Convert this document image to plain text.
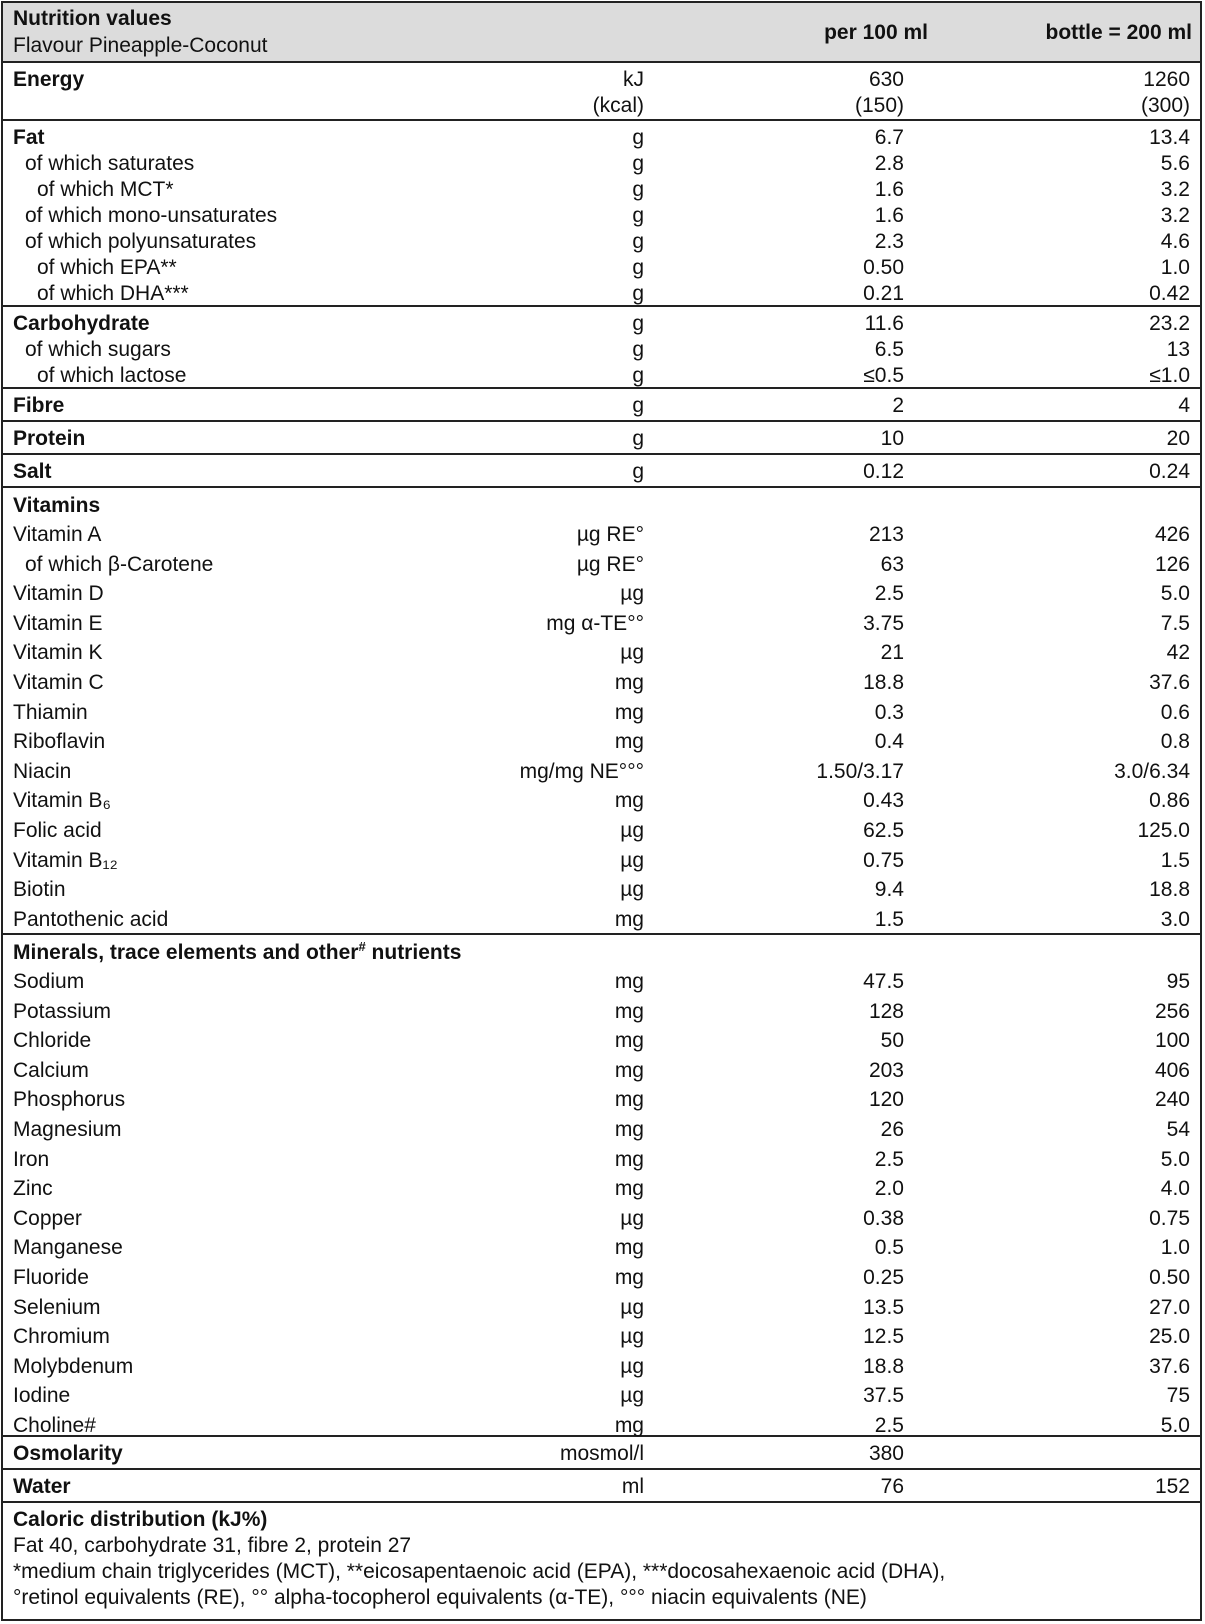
Nutrition values
Flavour Pineapple-Coconut
per 100 ml	bottle = 200 ml
Energy	kJ	630	1260
(kcal)	(150)	(300)
Fat	g	6.7	13.4
of which saturates	g	2.8	5.6
of which MCT*	g	1.6	3.2
of which mono-unsaturates	g	1.6	3.2
of which polyunsaturates	g	2.3	4.6
of which EPA**	g	0.50	1.0
of which DHA***	g	0.21	0.42
Carbohydrate	g	11.6	23.2
of which sugars	g	6.5	13
of which lactose	g	≤0.5	≤1.0
Fibre	g	2	4
Protein	g	10	20
Salt	g	0.12	0.24
Vitamins
Vitamin A	µg RE°	213	426
of which β-Carotene	µg RE°	63	126
Vitamin D	µg	2.5	5.0
Vitamin E	mg α-TE°°	3.75	7.5
Vitamin K	µg	21	42
Vitamin C	mg	18.8	37.6
Thiamin	mg	0.3	0.6
Riboflavin	mg	0.4	0.8
Niacin	mg/mg NE°°°	1.50/3.17	3.0/6.34
Vitamin B₆	mg	0.43	0.86
Folic acid	µg	62.5	125.0
Vitamin B₁₂	µg	0.75	1.5
Biotin	µg	9.4	18.8
Pantothenic acid	mg	1.5	3.0
Minerals, trace elements and other# nutrients
Sodium	mg	47.5	95
Potassium	mg	128	256
Chloride	mg	50	100
Calcium	mg	203	406
Phosphorus	mg	120	240
Magnesium	mg	26	54
Iron	mg	2.5	5.0
Zinc	mg	2.0	4.0
Copper	µg	0.38	0.75
Manganese	mg	0.5	1.0
Fluoride	mg	0.25	0.50
Selenium	µg	13.5	27.0
Chromium	µg	12.5	25.0
Molybdenum	µg	18.8	37.6
Iodine	µg	37.5	75
Choline#	mg	2.5	5.0
Osmolarity	mosmol/l	380
Water	ml	76	152
Caloric distribution (kJ%)
Fat 40, carbohydrate 31, fibre 2, protein 27
*medium chain triglycerides (MCT), **eicosapentaenoic acid (EPA), ***docosahexaenoic acid (DHA),
°retinol equivalents (RE), °° alpha-tocopherol equivalents (α-TE), °°° niacin equivalents (NE)
